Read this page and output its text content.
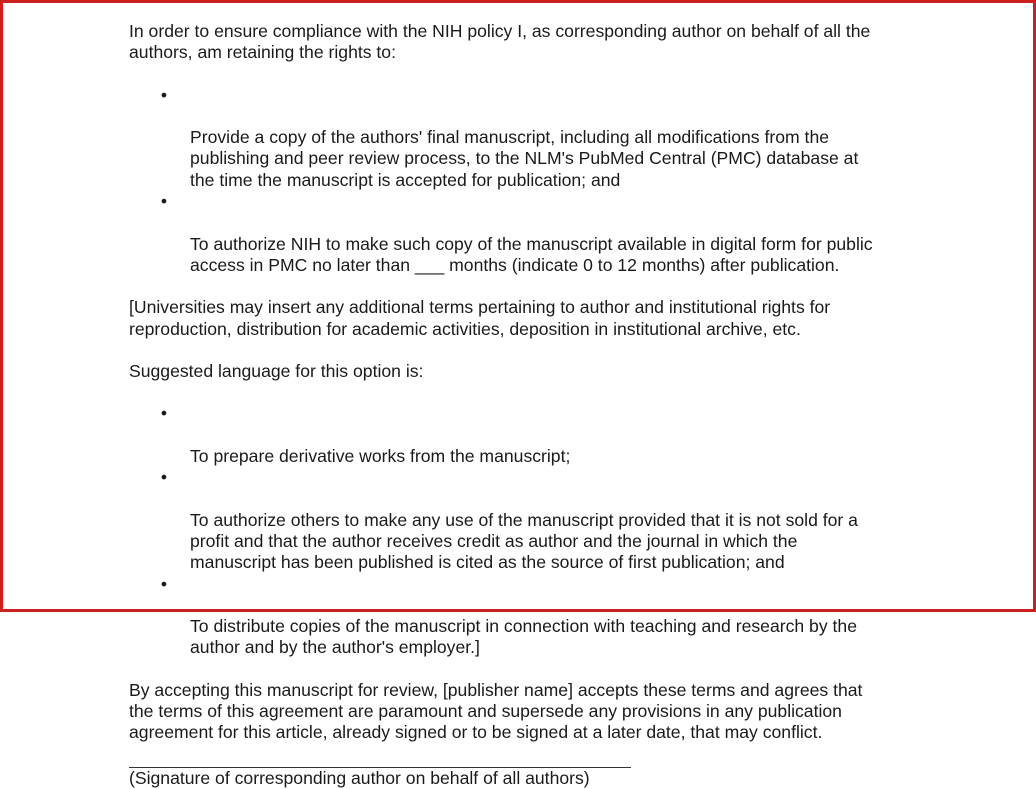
In order to ensure compliance with the NIH policy I, as corresponding author on behalf of all the
authors, am retaining the rights to:

•

Provide a copy of the authors' final manuscript, including all modifications from the
publishing and peer review process, to the NLM's PubMed Central (PMC) database at
the time the manuscript is accepted for publication; and

•

To authorize NIH to make such copy of the manuscript available in digital form for public
access in PMC no later than ___ months (indicate 0 to 12 months) after publication.

[Universities may insert any additional terms pertaining to author and institutional rights for
reproduction, distribution for academic activities, deposition in institutional archive, etc.

Suggested language for this option is:

•

To prepare derivative works from the manuscript;

•

To authorize others to make any use of the manuscript provided that it is not sold for a
profit and that the author receives credit as author and the journal in which the
manuscript has been published is cited as the source of first publication; and

•

To distribute copies of the manuscript in connection with teaching and research by the
author and by the author's employer.]

By accepting this manuscript for review, [publisher name] accepts these terms and agrees that
the terms of this agreement are paramount and supersede any provisions in any publication
agreement for this article, already signed or to be signed at a later date, that may conflict.

(Signature of corresponding author on behalf of all authors)
